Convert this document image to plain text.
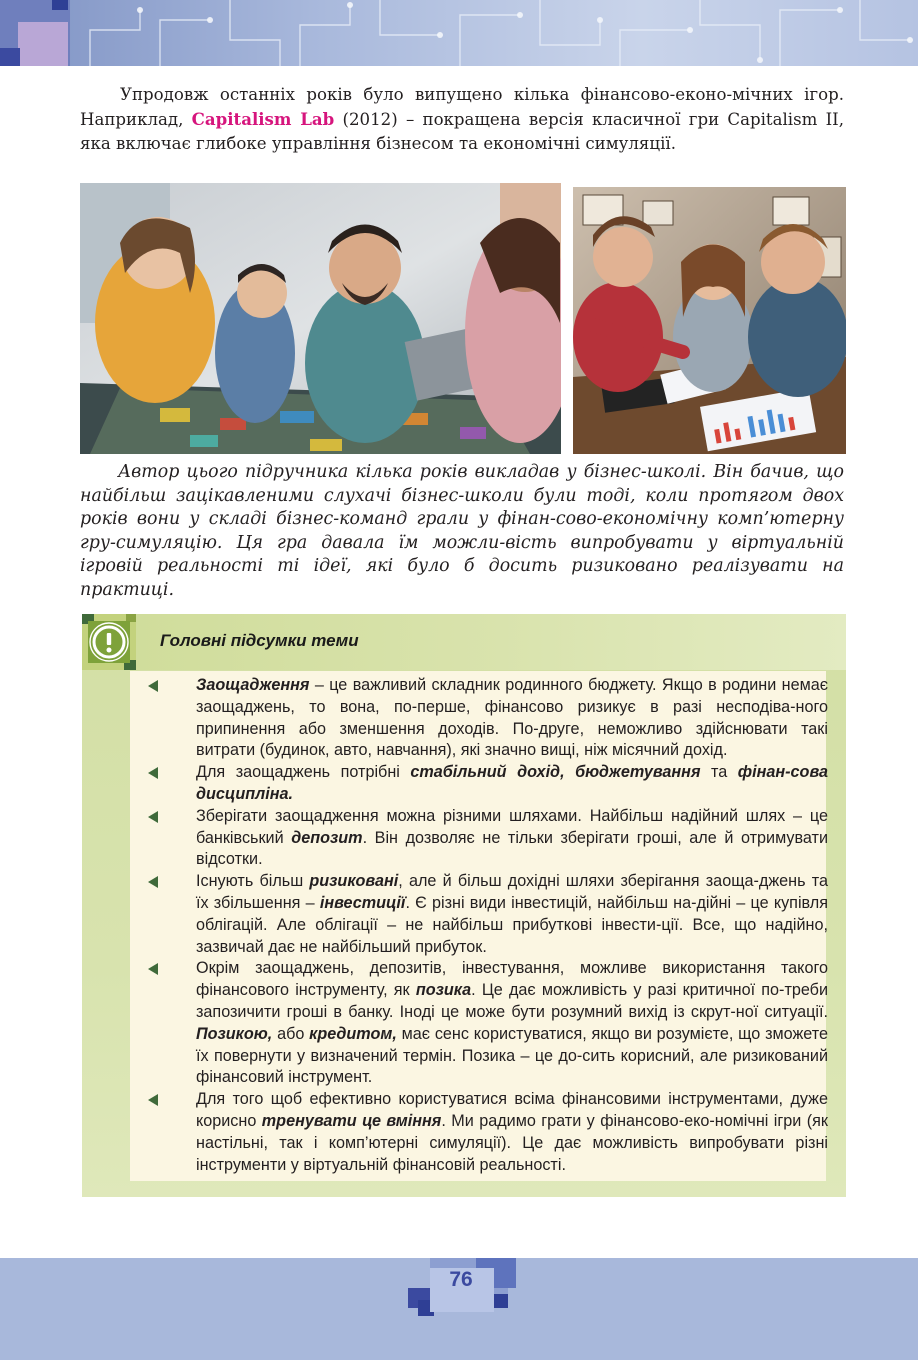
Упродовж останніх років було випущено кілька фінансово-еконо-мічних ігор. Наприклад, Capitalism Lab (2012) – покращена версія класичної гри Capitalism II, яка включає глибоке управління бізнесом та економічні симуляції.

Автор цього підручника кілька років викладав у бізнес-школі. Він бачив, що найбільш зацікавленими слухачі бізнес-школи були тоді, коли протягом двох років вони у складі бізнес-команд грали у фінан-сово-економічну комп’ютерну гру-симуляцію. Ця гра давала їм можли-вість випробувати у віртуальній ігровій реальності ті ідеї, які було б досить ризиковано реалізувати на практиці.

Головні підсумки теми
Заощадження – це важливий складник родинного бюджету. Якщо в родини немає заощаджень, то вона, по-перше, фінансово ризикує в разі несподіва-ного припинення або зменшення доходів. По-друге, неможливо здійснювати такі витрати (будинок, авто, навчання), які значно вищі, ніж місячний дохід.
Для заощаджень потрібні стабільний дохід, бюджетування та фінан-сова дисципліна.
Зберігати заощадження можна різними шляхами. Найбільш надійний шлях – це банківський депозит. Він дозволяє не тільки зберігати гроші, але й отримувати відсотки.
Існують більш ризиковані, але й більш дохідні шляхи зберігання заоща-джень та їх збільшення – інвестиції. Є різні види інвестицій, найбільш на-дійні – це купівля облігацій. Але облігації – не найбільш прибуткові інвести-ції. Все, що надійно, зазвичай дає не найбільший прибуток.
Окрім заощаджень, депозитів, інвестування, можливе використання такого фінансового інструменту, як позика. Це дає можливість у разі критичної по-треби запозичити гроші в банку. Іноді це може бути розумний вихід із скрут-ної ситуації. Позикою, або кредитом, має сенс користуватися, якщо ви розумієте, що зможете їх повернути у визначений термін. Позика – це до-сить корисний, але ризикований фінансовий інструмент.
Для того щоб ефективно користуватися всіма фінансовими інструментами, дуже корисно тренувати це вміння. Ми радимо грати у фінансово-еко-номічні ігри (як настільні, так і комп’ютерні симуляції). Це дає можливість випробувати різні інструменти у віртуальній фінансовій реальності.
76
